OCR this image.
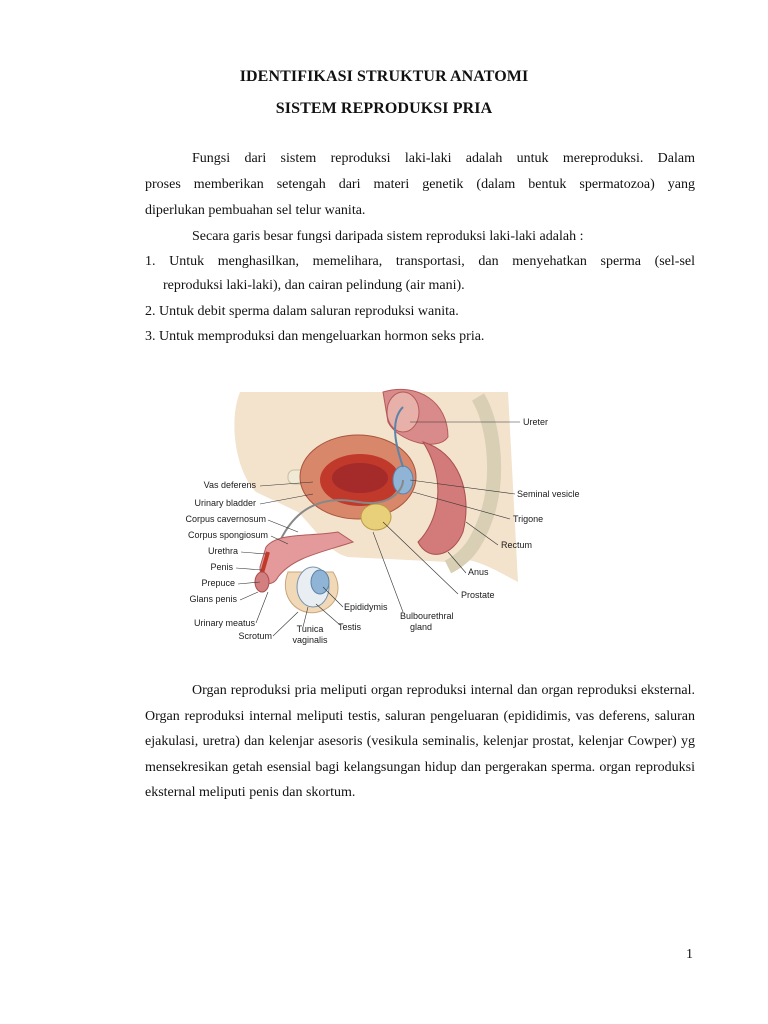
IDENTIFIKASI STRUKTUR ANATOMI
SISTEM REPRODUKSI PRIA
Fungsi dari sistem reproduksi laki-laki adalah untuk mereproduksi. Dalam
proses memberikan setengah dari materi genetik (dalam bentuk spermatozoa) yang
diperlukan pembuahan sel telur wanita.
Secara garis besar fungsi daripada sistem reproduksi laki-laki adalah :
1. Untuk menghasilkan, memelihara, transportasi, dan menyehatkan sperma (sel-sel
reproduksi laki-laki), dan cairan pelindung (air mani).
2. Untuk debit sperma dalam saluran reproduksi wanita.
3. Untuk memproduksi dan mengeluarkan hormon seks pria.
Vas deferens
Urinary bladder
Corpus cavernosum
Corpus spongiosum
Urethra
Penis
Prepuce
Glans penis
Urinary meatus
Scrotum
Tunica
vaginalis
Testis
Epididymis
Bulbourethral
gland
Prostate
Anus
Rectum
Trigone
Seminal vesicle
Ureter
Organ reproduksi pria meliputi organ reproduksi internal dan organ reproduksi eksternal. Organ reproduksi internal meliputi testis, saluran pengeluaran (epididimis, vas deferens, saluran ejakulasi, uretra) dan kelenjar asesoris (vesikula seminalis, kelenjar prostat, kelenjar Cowper) yg mensekresikan getah esensial bagi kelangsungan hidup dan pergerakan sperma. organ reproduksi eksternal meliputi penis dan skortum.
1
